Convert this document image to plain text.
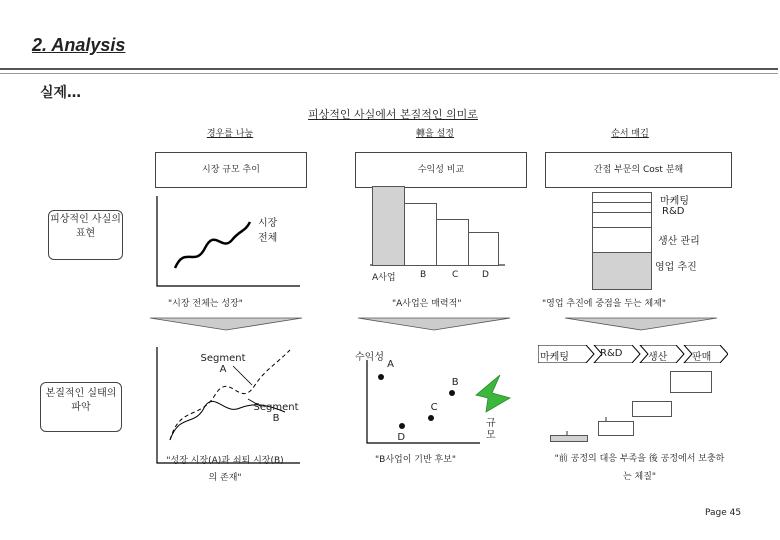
2. Analysis
실제…
피상적인 사실에서 본질적인 의미로
경우를 나눔	轉을 설정	순서 매김
시장 규모 추이	수익성 비교	간접 부문의 Cost 분해
피상적인 사실의 표현
본질적인 실태의 파악
시장 전체
"시장 전체는 성장"
Segment A
Segment B
"성장 시장(A)과 쇠퇴 시장(B)의 존재"
A사업	B	C	D
"A사업은 매력적"
수익성
규모
A
B
C
D
"B사업이 기반 후보"
마케팅
R&D
생산 관리
영업 추진
"영업 추진에 중점을 두는 체제"
마케팅	R&D	생산 판매
"前 공정의 대응 부족을 後 공정에서 보충하는 체질"
Page 45
